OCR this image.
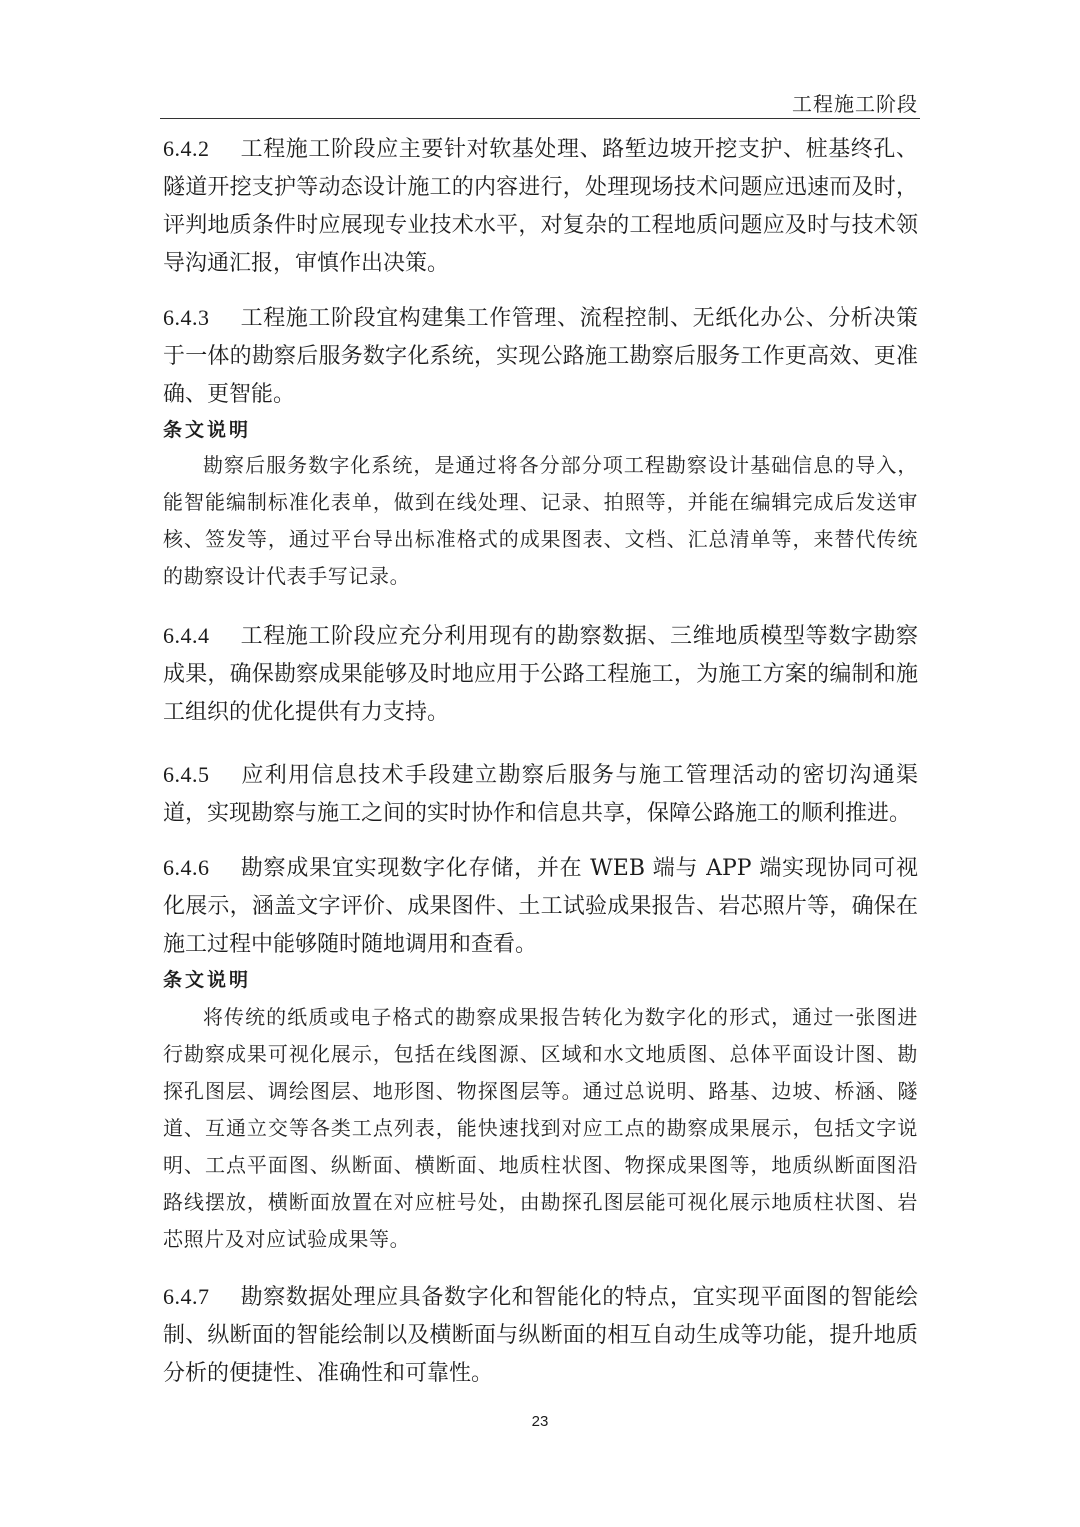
工程施工阶段
6.4.2 工程施工阶段应主要针对软基处理、路堑边坡开挖支护、桩基终孔、隧道开挖支护等动态设计施工的内容进行，处理现场技术问题应迅速而及时，评判地质条件时应展现专业技术水平，对复杂的工程地质问题应及时与技术领导沟通汇报，审慎作出决策。
6.4.3 工程施工阶段宜构建集工作管理、流程控制、无纸化办公、分析决策于一体的勘察后服务数字化系统，实现公路施工勘察后服务工作更高效、更准确、更智能。
条文说明
勘察后服务数字化系统，是通过将各分部分项工程勘察设计基础信息的导入，能智能编制标准化表单，做到在线处理、记录、拍照等，并能在编辑完成后发送审核、签发等，通过平台导出标准格式的成果图表、文档、汇总清单等，来替代传统的勘察设计代表手写记录。
6.4.4 工程施工阶段应充分利用现有的勘察数据、三维地质模型等数字勘察成果，确保勘察成果能够及时地应用于公路工程施工，为施工方案的编制和施工组织的优化提供有力支持。
6.4.5 应利用信息技术手段建立勘察后服务与施工管理活动的密切沟通渠道，实现勘察与施工之间的实时协作和信息共享，保障公路施工的顺利推进。
6.4.6 勘察成果宜实现数字化存储，并在 WEB 端与 APP 端实现协同可视化展示，涵盖文字评价、成果图件、土工试验成果报告、岩芯照片等，确保在施工过程中能够随时随地调用和查看。
条文说明
将传统的纸质或电子格式的勘察成果报告转化为数字化的形式，通过一张图进行勘察成果可视化展示，包括在线图源、区域和水文地质图、总体平面设计图、勘探孔图层、调绘图层、地形图、物探图层等。通过总说明、路基、边坡、桥涵、隧道、互通立交等各类工点列表，能快速找到对应工点的勘察成果展示，包括文字说明、工点平面图、纵断面、横断面、地质柱状图、物探成果图等，地质纵断面图沿路线摆放，横断面放置在对应桩号处，由勘探孔图层能可视化展示地质柱状图、岩芯照片及对应试验成果等。
6.4.7 勘察数据处理应具备数字化和智能化的特点，宜实现平面图的智能绘制、纵断面的智能绘制以及横断面与纵断面的相互自动生成等功能，提升地质分析的便捷性、准确性和可靠性。
23
